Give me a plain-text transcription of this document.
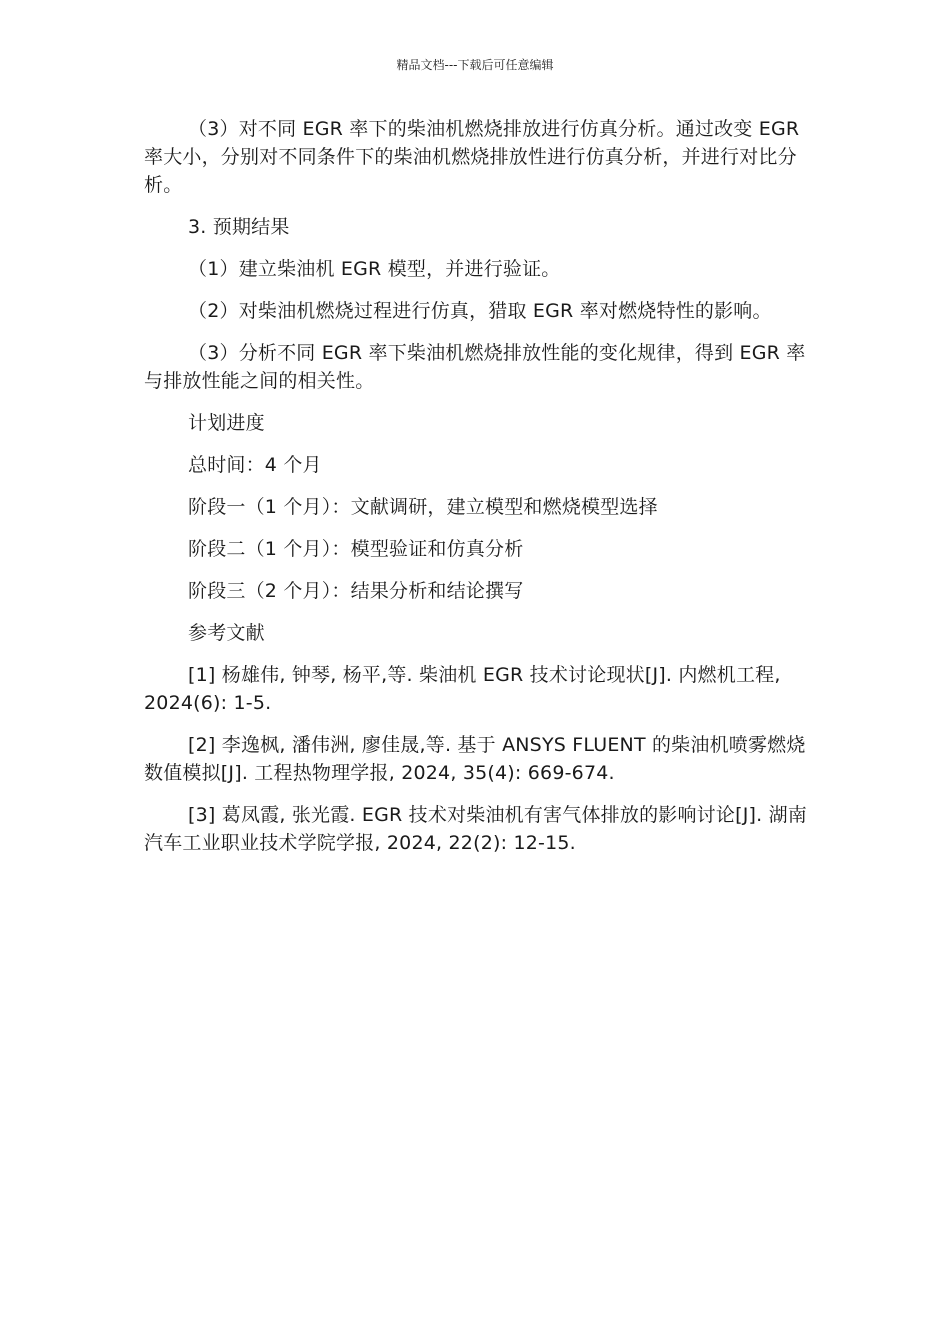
精品文档---下载后可任意编辑

（3）对不同 EGR 率下的柴油机燃烧排放进行仿真分析。通过改变 EGR 率大小，分别对不同条件下的柴油机燃烧排放性进行仿真分析，并进行对比分析。

3. 预期结果

（1）建立柴油机 EGR 模型，并进行验证。

（2）对柴油机燃烧过程进行仿真，猎取 EGR 率对燃烧特性的影响。

（3）分析不同 EGR 率下柴油机燃烧排放性能的变化规律，得到 EGR 率与排放性能之间的相关性。

计划进度

总时间：4 个月

阶段一（1 个月）：文献调研，建立模型和燃烧模型选择

阶段二（1 个月）：模型验证和仿真分析

阶段三（2 个月）：结果分析和结论撰写

参考文献

[1] 杨雄伟, 钟琴, 杨平,等. 柴油机 EGR 技术讨论现状[J]. 内燃机工程, 2024(6): 1-5.

[2] 李逸枫, 潘伟洲, 廖佳晟,等. 基于 ANSYS FLUENT 的柴油机喷雾燃烧数值模拟[J]. 工程热物理学报, 2024, 35(4): 669-674.

[3] 葛凤霞, 张光霞. EGR 技术对柴油机有害气体排放的影响讨论[J]. 湖南汽车工业职业技术学院学报, 2024, 22(2): 12-15.
